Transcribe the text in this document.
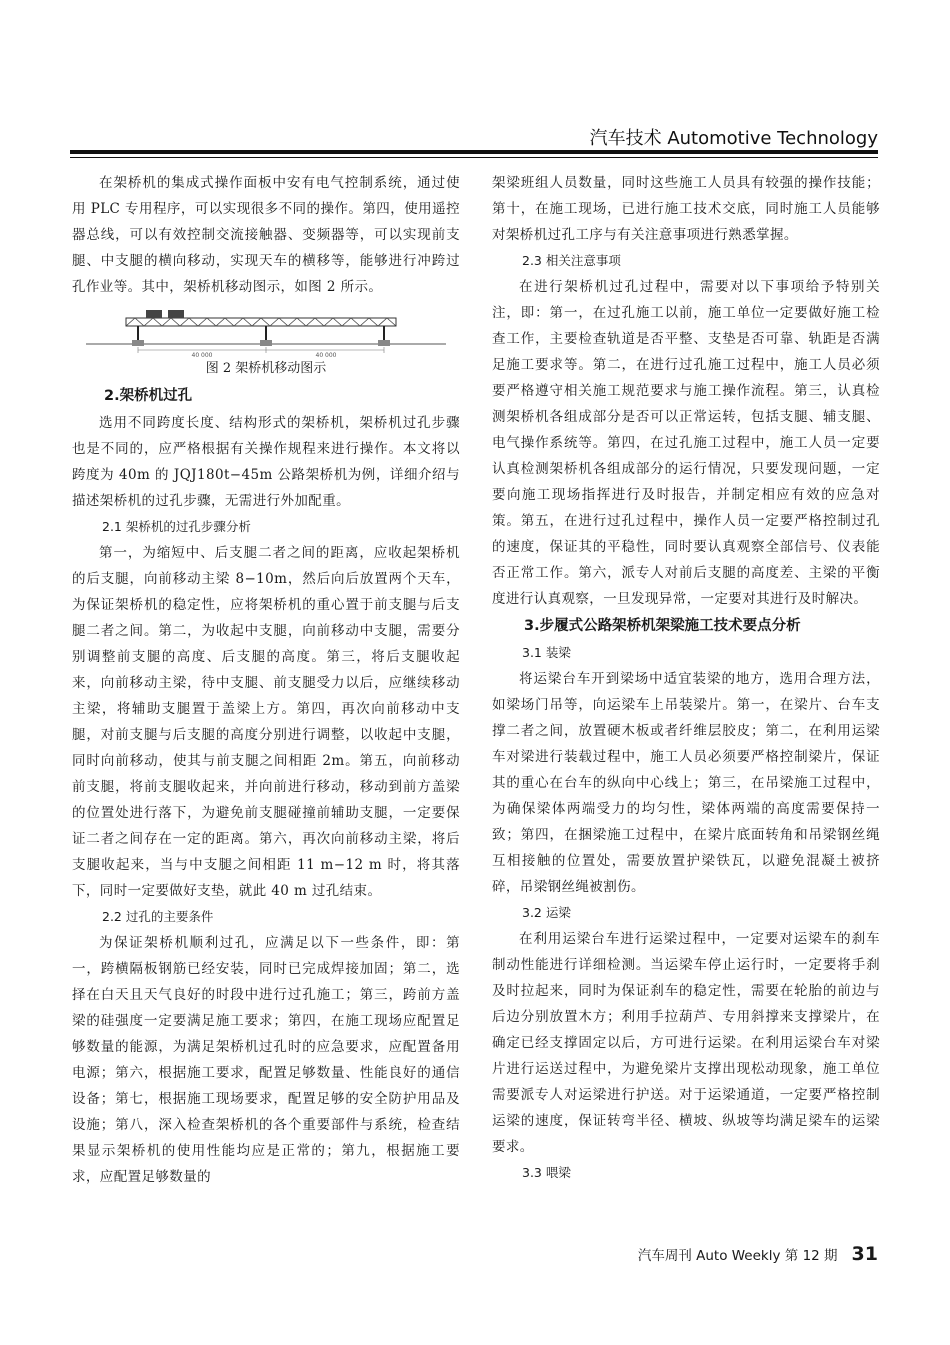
汽车技术 Automotive Technology

在架桥机的集成式操作面板中安有电气控制系统，通过使用 PLC 专用程序，可以实现很多不同的操作。第四，使用遥控器总线，可以有效控制交流接触器、变频器等，可以实现前支腿、中支腿的横向移动，实现天车的横移等，能够进行冲跨过孔作业等。其中，架桥机移动图示，如图 2 所示。

40 000	40 000

图 2 架桥机移动图示

2.架桥机过孔

选用不同跨度长度、结构形式的架桥机，架桥机过孔步骤也是不同的，应严格根据有关操作规程来进行操作。本文将以跨度为 40m 的 JQJ180t−45m 公路架桥机为例，详细介绍与描述架桥机的过孔步骤，无需进行外加配重。

2.1 架桥机的过孔步骤分析

第一，为缩短中、后支腿二者之间的距离，应收起架桥机的后支腿，向前移动主梁 8−10m，然后向后放置两个天车，为保证架桥机的稳定性，应将架桥机的重心置于前支腿与后支腿二者之间。第二，为收起中支腿，向前移动中支腿，需要分别调整前支腿的高度、后支腿的高度。第三，将后支腿收起来，向前移动主梁，待中支腿、前支腿受力以后，应继续移动主梁，将辅助支腿置于盖梁上方。第四，再次向前移动中支腿，对前支腿与后支腿的高度分别进行调整，以收起中支腿，同时向前移动，使其与前支腿之间相距 2m。第五，向前移动前支腿，将前支腿收起来，并向前进行移动，移动到前方盖梁的位置处进行落下，为避免前支腿碰撞前辅助支腿，一定要保证二者之间存在一定的距离。第六，再次向前移动主梁，将后支腿收起来，当与中支腿之间相距 11 m−12 m 时，将其落下，同时一定要做好支垫，就此 40 m 过孔结束。

2.2 过孔的主要条件

为保证架桥机顺利过孔，应满足以下一些条件，即：第一，跨横隔板钢筋已经安装，同时已完成焊接加固；第二，选择在白天且天气良好的时段中进行过孔施工；第三，跨前方盖梁的硅强度一定要满足施工要求；第四，在施工现场应配置足够数量的能源，为满足架桥机过孔时的应急要求，应配置备用电源；第六，根据施工要求，配置足够数量、性能良好的通信设备；第七，根据施工现场要求，配置足够的安全防护用品及设施；第八，深入检查架桥机的各个重要部件与系统，检查结果显示架桥机的使用性能均应是正常的；第九，根据施工要求，应配置足够数量的

架梁班组人员数量，同时这些施工人员具有较强的操作技能；第十，在施工现场，已进行施工技术交底，同时施工人员能够对架桥机过孔工序与有关注意事项进行熟悉掌握。

2.3 相关注意事项

在进行架桥机过孔过程中，需要对以下事项给予特别关注，即：第一，在过孔施工以前，施工单位一定要做好施工检查工作，主要检查轨道是否平整、支垫是否可靠、轨距是否满足施工要求等。第二，在进行过孔施工过程中，施工人员必须要严格遵守相关施工规范要求与施工操作流程。第三，认真检测架桥机各组成部分是否可以正常运转，包括支腿、辅支腿、电气操作系统等。第四，在过孔施工过程中，施工人员一定要认真检测架桥机各组成部分的运行情况，只要发现问题，一定要向施工现场指挥进行及时报告，并制定相应有效的应急对策。第五，在进行过孔过程中，操作人员一定要严格控制过孔的速度，保证其的平稳性，同时要认真观察全部信号、仪表能否正常工作。第六，派专人对前后支腿的高度差、主梁的平衡度进行认真观察，一旦发现异常，一定要对其进行及时解决。

3.步履式公路架桥机架梁施工技术要点分析

3.1 装梁

将运梁台车开到梁场中适宜装梁的地方，选用合理方法，如梁场门吊等，向运梁车上吊装梁片。第一，在梁片、台车支撑二者之间，放置硬木板或者纤维层胶皮；第二，在利用运梁车对梁进行装载过程中，施工人员必须要严格控制梁片，保证其的重心在台车的纵向中心线上；第三，在吊梁施工过程中，为确保梁体两端受力的均匀性，梁体两端的高度需要保持一致；第四，在捆梁施工过程中，在梁片底面转角和吊梁钢丝绳互相接触的位置处，需要放置护梁铁瓦，以避免混凝土被挤碎，吊梁钢丝绳被割伤。

3.2 运梁

在利用运梁台车进行运梁过程中，一定要对运梁车的刹车制动性能进行详细检测。当运梁车停止运行时，一定要将手刹及时拉起来，同时为保证刹车的稳定性，需要在轮胎的前边与后边分别放置木方；利用手拉葫芦、专用斜撑来支撑梁片，在确定已经支撑固定以后，方可进行运梁。在利用运梁台车对梁片进行运送过程中，为避免梁片支撑出现松动现象，施工单位需要派专人对运梁进行护送。对于运梁通道，一定要严格控制运梁的速度，保证转弯半径、横坡、纵坡等均满足梁车的运梁要求。

3.3 喂梁

汽车周刊 Auto Weekly 第 12 期 31
